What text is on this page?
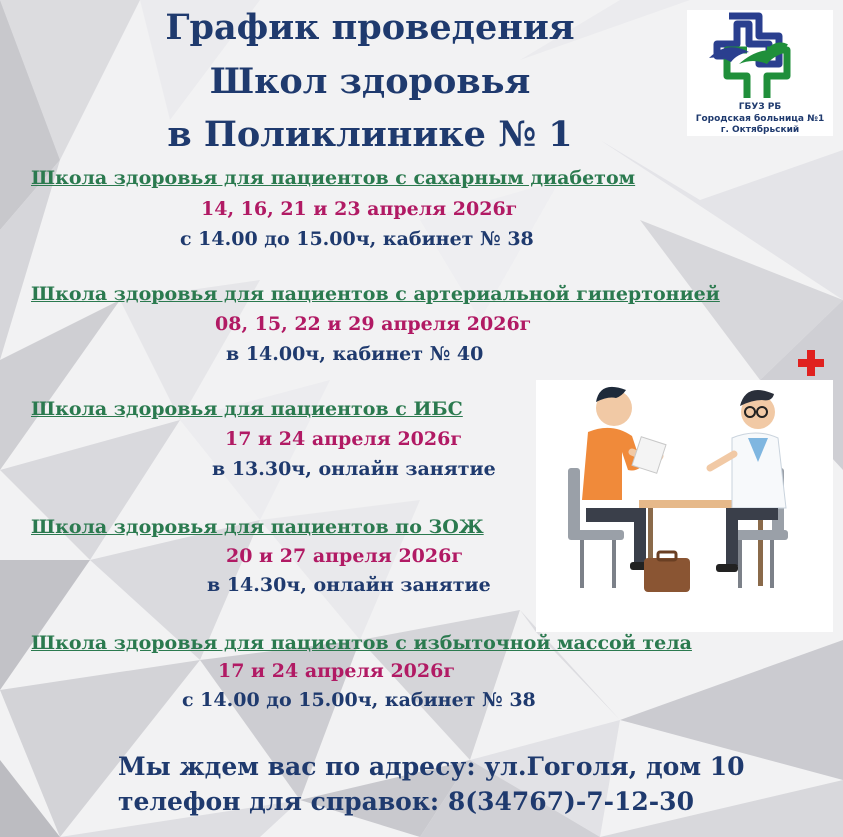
График проведения
Школ здоровья
в Поликлинике № 1
ГБУЗ РБ
Городская больница №1
г. Октябрьский
Школа здоровья для пациентов с сахарным диабетом
14, 16, 21 и 23 апреля 2026г
с 14.00 до 15.00ч, кабинет № 38
Школа здоровья для пациентов с артериальной гипертонией
08, 15, 22 и 29 апреля 2026г
в 14.00ч, кабинет № 40
Школа здоровья для пациентов с ИБС
17 и 24 апреля 2026г
в 13.30ч, онлайн занятие
Школа здоровья для пациентов по ЗОЖ
20 и 27 апреля 2026г
в 14.30ч, онлайн занятие
Школа здоровья для пациентов с избыточной массой тела
17 и 24 апреля 2026г
с 14.00 до 15.00ч, кабинет № 38
Мы ждем вас по адресу: ул.Гоголя, дом 10
телефон для справок: 8(34767)-7-12-30
